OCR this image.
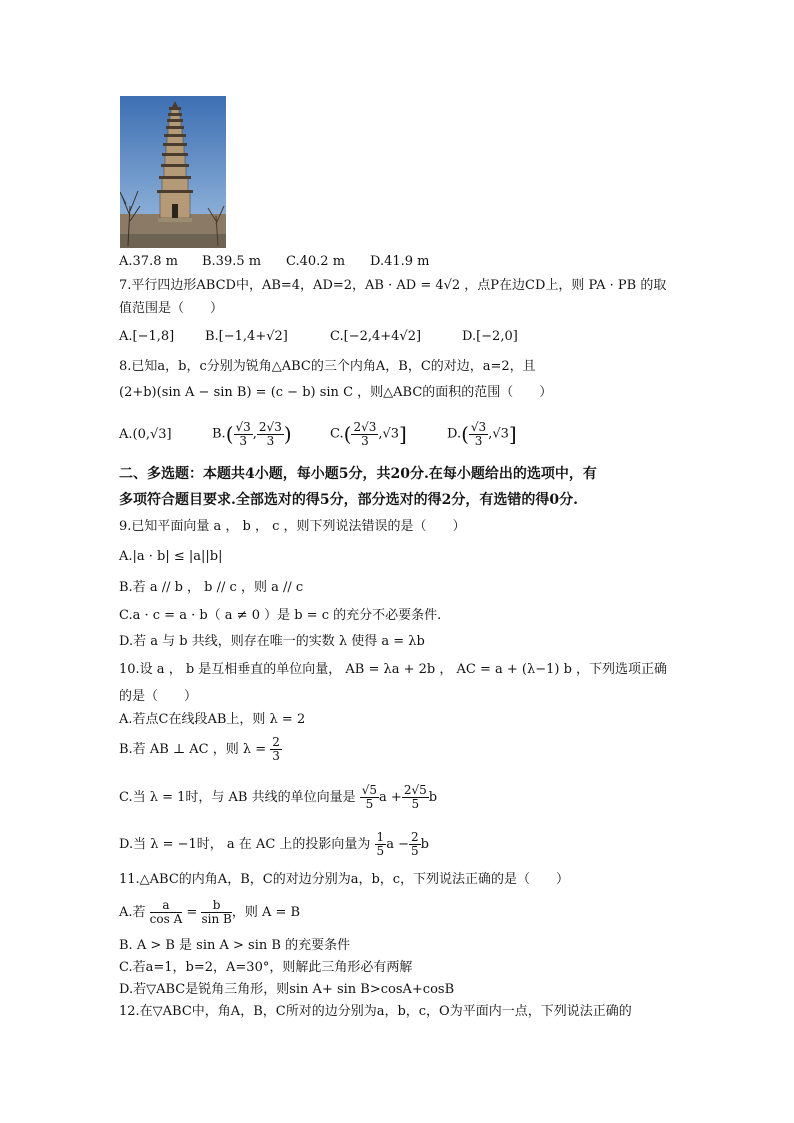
A.37.8 m B.39.5 m C.40.2 m D.41.9 m
7.平行四边形ABCD中，AB=4，AD=2，AB · AD = 4√2 ，点P在边CD上，则 PA · PB 的取
值范围是（　　）
A.[−1,8] B.[−1,4+√2]	C.[−2,4+4√2]	D.[−2,0]
8.已知a，b，c分别为锐角△ABC的三个内角A，B，C的对边，a=2，且
(2+b)(sin A − sin B) = (c − b) sin C ，则△ABC的面积的范围（　　）
A.(0,√3]	$B.( \frac{√3}{3}$ , $\frac{2√3}{3}$ )	$C.( \frac{2√3}{3} ,√3]$	$D.( \frac{√3}{3} ,√3]$
二、多选题：本题共4小题，每小题5分，共20分.在每小题给出的选项中，有
多项符合题目要求.全部选对的得5分，部分选对的得2分，有选错的得0分.
9.已知平面向量 a ， b ， c ，则下列说法错误的是（　　）
A.|a · b| ≤ |a||b|
B.若 a // b ， b // c ，则 a // c
C.a · c = a · b（ a ≠ 0 ）是 b = c 的充分不必要条件.
D.若 a 与 b 共线，则存在唯一的实数 λ 使得 a = λb
10.设 a ， b 是互相垂直的单位向量， AB = λa + 2b ， AC = a + (λ−1) b ，下列选项正确
的是（　　）
A.若点C在线段AB上，则 λ = 2
B.若 AB ⊥ AC ，则 $\lambda = \frac{2}{3}$
C.当 λ = 1时，与 AB 共线的单位向量是 $\frac{√5}{5}$ $a + \frac{2√5}{5}$ b
D.当 λ = −1时， a 在 AC 上的投影向量为 $\frac{1}{5}$ $a - \frac{2}{5}$ b
11.△ABC的内角A，B，C的对边分别为a，b，c，下列说法正确的是（　　）
A.若 $\frac{a}{\text{cos A}} = \frac{b}{\text{sin B}}$ ，则 A = B
B. A > B 是 sin A > sin B 的充要条件
C.若a=1，b=2，A=30°，则解此三角形必有两解
D.若▽ABC是锐角三角形，则sin A+ sin B>cosA+cosB
12.在▽ABC中，角A，B，C所对的边分别为a，b，c，O为平面内一点，下列说法正确的
